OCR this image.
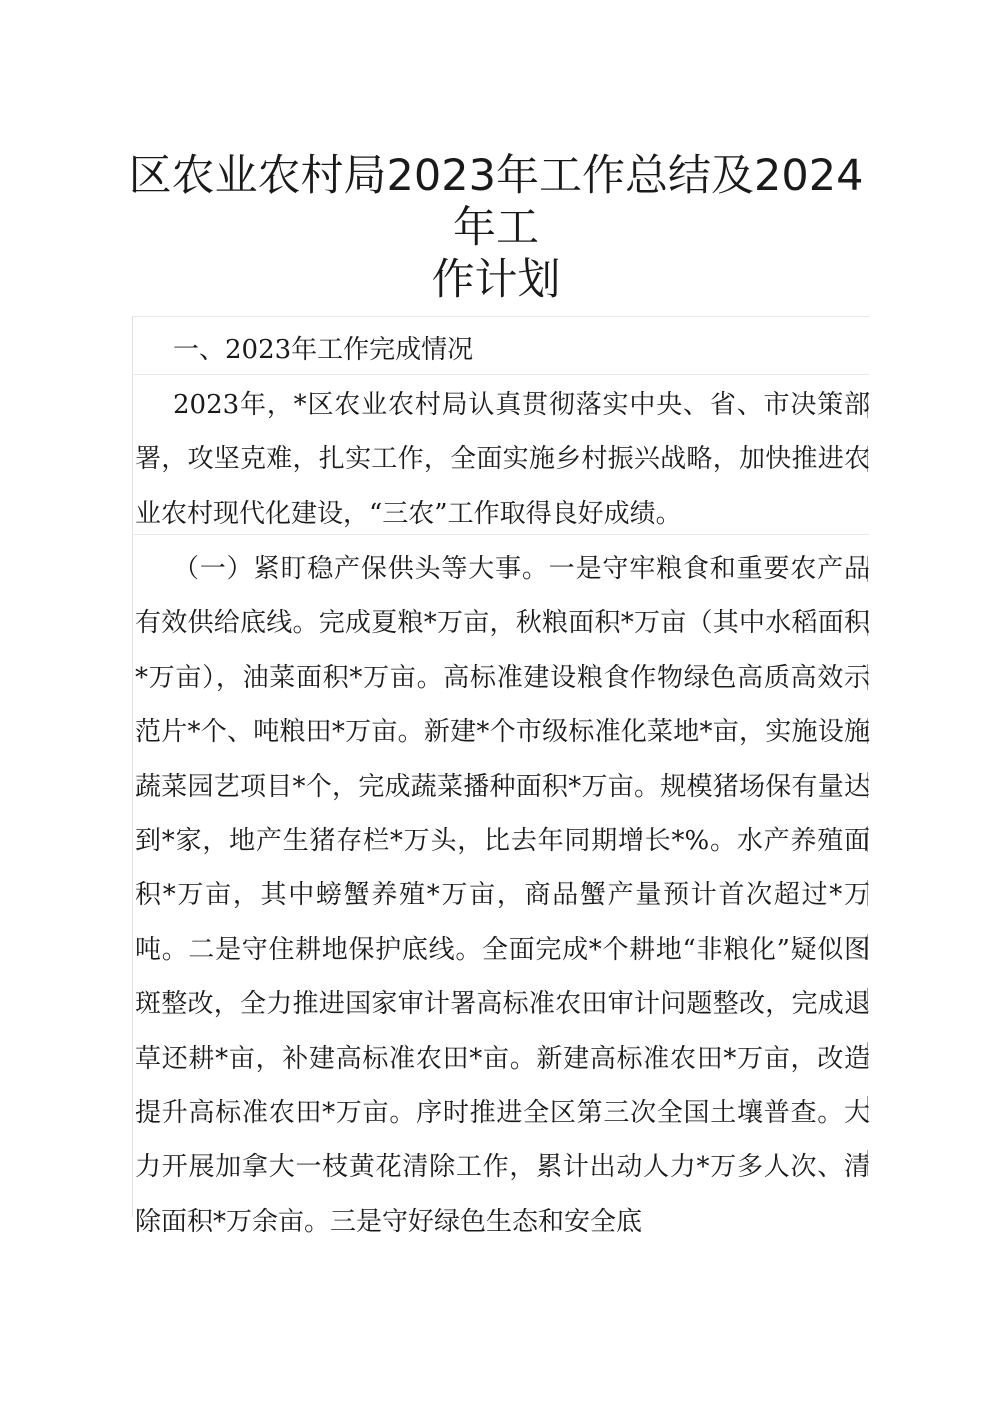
区农业农村局2023年工作总结及2024年工
作计划
一、2023年工作完成情况

2023年，*区农业农村局认真贯彻落实中央、省、市决策部署，攻坚克难，扎实工作，全面实施乡村振兴战略，加快推进农业农村现代化建设，“三农”工作取得良好成绩。

（一）紧盯稳产保供头等大事。一是守牢粮食和重要农产品有效供给底线。完成夏粮*万亩，秋粮面积*万亩（其中水稻面积*万亩），油菜面积*万亩。高标准建设粮食作物绿色高质高效示范片*个、吨粮田*万亩。新建*个市级标准化菜地*亩，实施设施蔬菜园艺项目*个，完成蔬菜播种面积*万亩。规模猪场保有量达到*家，地产生猪存栏*万头，比去年同期增长*%。水产养殖面积*万亩，其中螃蟹养殖*万亩，商品蟹产量预计首次超过*万吨。二是守住耕地保护底线。全面完成*个耕地“非粮化”疑似图斑整改，全力推进国家审计署高标准农田审计问题整改，完成退草还耕*亩，补建高标准农田*亩。新建高标准农田*万亩，改造提升高标准农田*万亩。序时推进全区第三次全国土壤普查。大力开展加拿大一枝黄花清除工作，累计出动人力*万多人次、清除面积*万余亩。三是守好绿色生态和安全底
